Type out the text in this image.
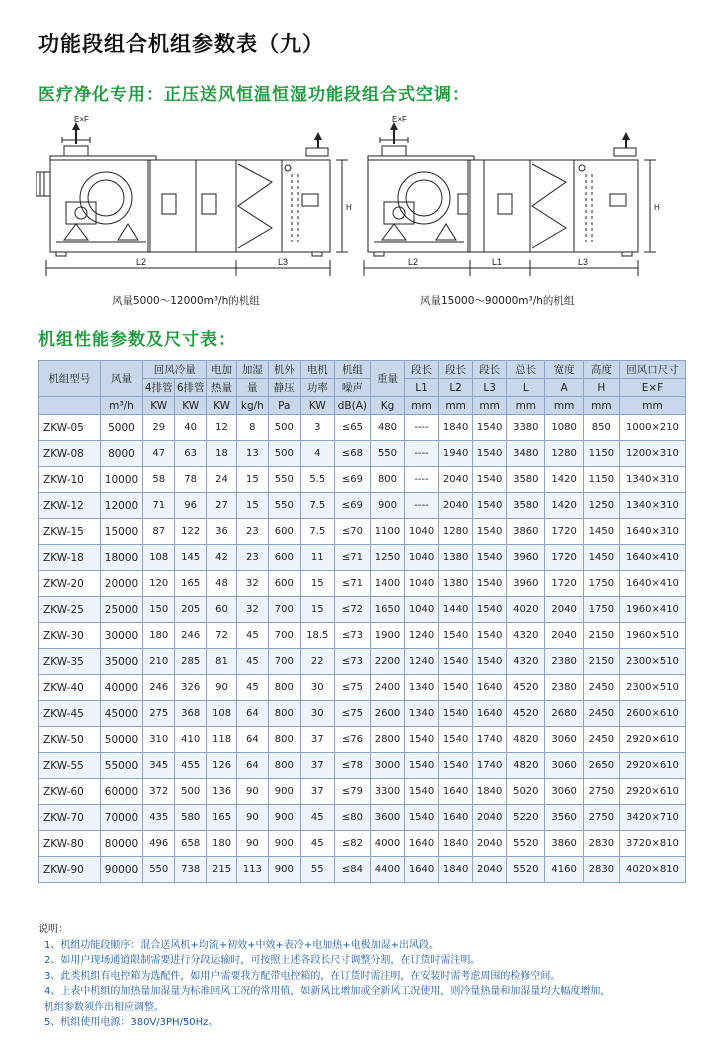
功能段组合机组参数表（九）
医疗净化专用：正压送风恒温恒湿功能段组合式空调：
E×F
H
L2	L3
风量5000～12000m³/h的机组
E×F
H
L2	L1	L3
风量15000～90000m³/h的机组
机组性能参数及尺寸表：
机组型号	风量	回风冷量		电加	加湿	机外	电机	机组	重量	段长	段长	段长	总长	宽度	高度	回风口尺寸
		4排管	6排管	热量	量	静压	功率	噪声		L1	L2	L3	L	A	H	E×F
	m³/h	KW	KW	KW	kg/h	Pa	KW	dB(A)	Kg	mm	mm	mm	mm	mm	mm	mm
ZKW-05	5000	29	40	12	8	500	3	≤65	480	----	1840	1540	3380	1080	850	1000×210
ZKW-08	8000	47	63	18	13	500	4	≤68	550	----	1940	1540	3480	1280	1150	1200×310
ZKW-10	10000	58	78	24	15	550	5.5	≤69	800	----	2040	1540	3580	1420	1150	1340×310
ZKW-12	12000	71	96	27	15	550	7.5	≤69	900	----	2040	1540	3580	1420	1250	1340×310
ZKW-15	15000	87	122	36	23	600	7.5	≤70	1100	1040	1280	1540	3860	1720	1450	1640×310
ZKW-18	18000	108	145	42	23	600	11	≤71	1250	1040	1380	1540	3960	1720	1450	1640×410
ZKW-20	20000	120	165	48	32	600	15	≤71	1400	1040	1380	1540	3960	1720	1750	1640×410
ZKW-25	25000	150	205	60	32	700	15	≤72	1650	1040	1440	1540	4020	2040	1750	1960×410
ZKW-30	30000	180	246	72	45	700	18.5	≤73	1900	1240	1540	1540	4320	2040	2150	1960×510
ZKW-35	35000	210	285	81	45	700	22	≤73	2200	1240	1540	1540	4320	2380	2150	2300×510
ZKW-40	40000	246	326	90	45	800	30	≤75	2400	1340	1540	1640	4520	2380	2450	2300×510
ZKW-45	45000	275	368	108	64	800	30	≤75	2600	1340	1540	1640	4520	2680	2450	2600×610
ZKW-50	50000	310	410	118	64	800	37	≤76	2800	1540	1540	1740	4820	3060	2450	2920×610
ZKW-55	55000	345	455	126	64	800	37	≤78	3000	1540	1540	1740	4820	3060	2650	2920×610
ZKW-60	60000	372	500	136	90	900	37	≤79	3300	1540	1640	1840	5020	3060	2750	2920×610
ZKW-70	70000	435	580	165	90	900	45	≤80	3600	1540	1640	2040	5220	3560	2750	3420×710
ZKW-80	80000	496	658	180	90	900	45	≤82	4000	1640	1840	2040	5520	3860	2830	3720×810
ZKW-90	90000	550	738	215	113	900	55	≤84	4400	1640	1840	2040	5520	4160	2830	4020×810
说明：
1、机组功能段顺序：混合送风机+均流+初效+中效+表冷+电加热+电极加湿+出风段。
2、如用户现场通道限制需要进行分段运输时，可按照上述各段长尺寸调整分割，在订货时需注明。
3、此类机组有电控箱为选配件，如用户需要我方配带电控箱的，在订货时需注明，在安装时需考虑周围的检修空间。
4、上表中机组的加热量加湿量为标准回风工况的常用值，如新风比增加或全新风工况使用，则冷量热量和加湿量均大幅度增加，
机组参数须作出相应调整。
5、机组使用电源：380V/3PH/50Hz。
